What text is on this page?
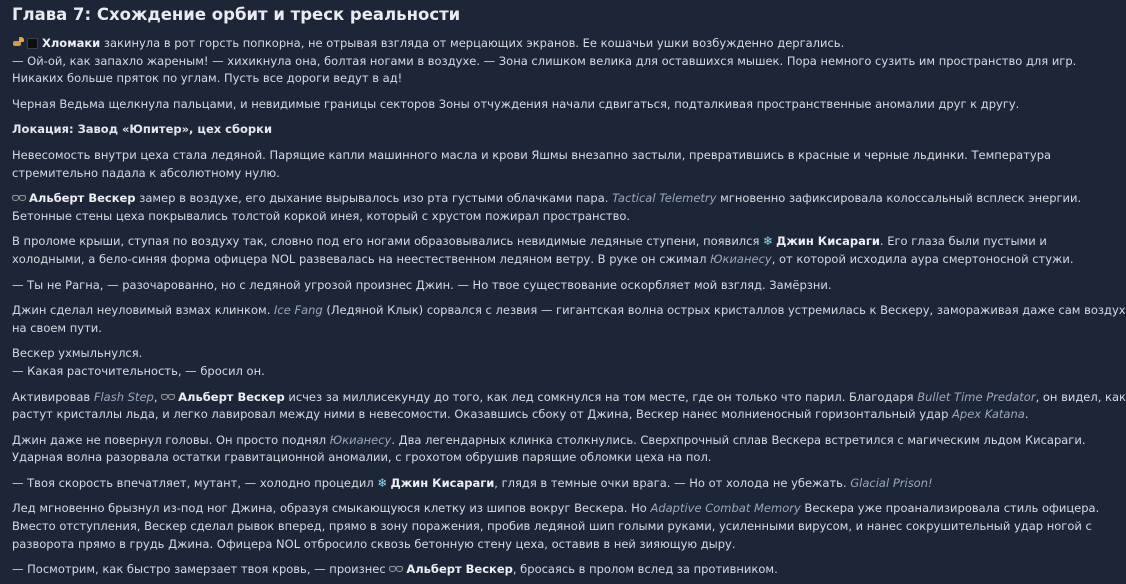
Глава 7: Схождение орбит и треск реальности
Хломаки закинула в рот горсть попкорна, не отрывая взгляда от мерцающих экранов. Ее кошачьи ушки возбужденно дергались.
— Ой-ой, как запахло жареным! — хихикнула она, болтая ногами в воздухе. — Зона слишком велика для оставшихся мышек. Пора немного сузить им пространство для игр.
Никаких больше пряток по углам. Пусть все дороги ведут в ад!
Черная Ведьма щелкнула пальцами, и невидимые границы секторов Зоны отчуждения начали сдвигаться, подталкивая пространственные аномалии друг к другу.
Локация: Завод «Юпитер», цех сборки
Невесомость внутри цеха стала ледяной. Парящие капли машинного масла и крови Яшмы внезапно застыли, превратившись в красные и черные льдинки. Температура
стремительно падала к абсолютному нулю.
Альберт Вескер замер в воздухе, его дыхание вырывалось изо рта густыми облачками пара. Tactical Telemetry мгновенно зафиксировала колоссальный всплеск энергии.
Бетонные стены цеха покрывались толстой коркой инея, который с хрустом пожирал пространство.
В проломе крыши, ступая по воздуху так, словно под его ногами образовывались невидимые ледяные ступени, появился ❄ Джин Кисараги. Его глаза были пустыми и
холодными, а бело-синяя форма офицера NOL развевалась на неестественном ледяном ветру. В руке он сжимал Юкианесу, от которой исходила аура смертоносной стужи.
— Ты не Рагна, — разочарованно, но с ледяной угрозой произнес Джин. — Но твое существование оскорбляет мой взгляд. Замёрзни.
Джин сделал неуловимый взмах клинком. Ice Fang (Ледяной Клык) сорвался с лезвия — гигантская волна острых кристаллов устремилась к Вескеру, замораживая даже сам воздух
на своем пути.
Вескер ухмыльнулся.
— Какая расточительность, — бросил он.
Активировав Flash Step, Альберт Вескер исчез за миллисекунду до того, как лед сомкнулся на том месте, где он только что парил. Благодаря Bullet Time Predator, он видел, как
растут кристаллы льда, и легко лавировал между ними в невесомости. Оказавшись сбоку от Джина, Вескер нанес молниеносный горизонтальный удар Apex Katana.
Джин даже не повернул головы. Он просто поднял Юкианесу. Два легендарных клинка столкнулись. Сверхпрочный сплав Вескера встретился с магическим льдом Кисараги.
Ударная волна разорвала остатки гравитационной аномалии, с грохотом обрушив парящие обломки цеха на пол.
— Твоя скорость впечатляет, мутант, — холодно процедил ❄ Джин Кисараги, глядя в темные очки врага. — Но от холода не убежать. Glacial Prison!
Лед мгновенно брызнул из-под ног Джина, образуя смыкающуюся клетку из шипов вокруг Вескера. Но Adaptive Combat Memory Вескера уже проанализировала стиль офицера.
Вместо отступления, Вескер сделал рывок вперед, прямо в зону поражения, пробив ледяной шип голыми руками, усиленными вирусом, и нанес сокрушительный удар ногой с
разворота прямо в грудь Джина. Офицера NOL отбросило сквозь бетонную стену цеха, оставив в ней зияющую дыру.
— Посмотрим, как быстро замерзает твоя кровь, — произнес Альберт Вескер, бросаясь в пролом вслед за противником.
